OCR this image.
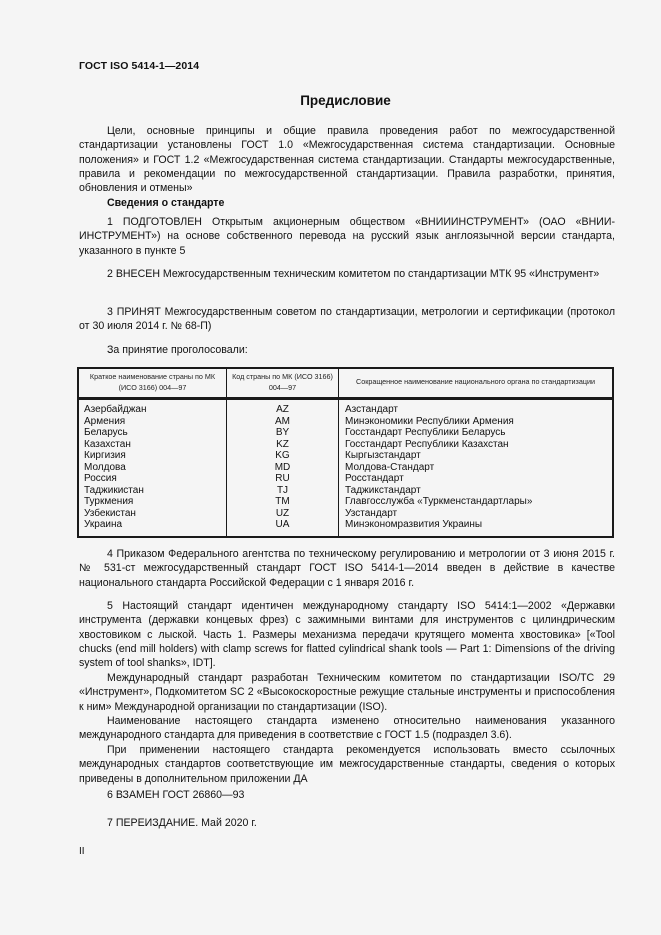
ГОСТ ISO 5414-1—2014
Предисловие
Цели, основные принципы и общие правила проведения работ по межгосударственной стандартизации установлены ГОСТ 1.0 «Межгосударственная система стандартизации. Основные положения» и ГОСТ 1.2 «Межгосударственная система стандартизации. Стандарты межгосударственные, правила и рекомендации по межгосударственной стандартизации. Правила разработки, принятия, обновления и отмены»
Сведения о стандарте
1 ПОДГОТОВЛЕН Открытым акционерным обществом «ВНИИИНСТРУМЕНТ» (ОАО «ВНИИ-ИНСТРУМЕНТ») на основе собственного перевода на русский язык англоязычной версии стандарта, указанного в пункте 5
2 ВНЕСЕН Межгосударственным техническим комитетом по стандартизации МТК 95 «Инструмент»
3 ПРИНЯТ Межгосударственным советом по стандартизации, метрологии и сертификации (протокол от 30 июля 2014 г. № 68-П)
За принятие проголосовали:
Краткое наименование страны по МК (ИСО 3166) 004—97	Код страны по МК (ИСО 3166) 004—97	Сокращенное наименование национального органа по стандартизации
Азербайджан	AZ	Азстандарт
Армения	AM	Минэкономики Республики Армения
Беларусь	BY	Госстандарт Республики Беларусь
Казахстан	KZ	Госстандарт Республики Казахстан
Киргизия	KG	Кыргызстандарт
Молдова	MD	Молдова-Стандарт
Россия	RU	Росстандарт
Таджикистан	TJ	Таджикстандарт
Туркмения	TM	Главгосслужба «Туркменстандартлары»
Узбекистан	UZ	Узстандарт
Украина	UA	Минэкономразвития Украины
4 Приказом Федерального агентства по техническому регулированию и метрологии от 3 июня 2015 г. № 531-ст межгосударственный стандарт ГОСТ ISO 5414-1—2014 введен в действие в качестве национального стандарта Российской Федерации с 1 января 2016 г.
5 Настоящий стандарт идентичен международному стандарту ISO 5414:1—2002 «Державки инструмента (державки концевых фрез) с зажимными винтами для инструментов с цилиндрическим хвостовиком с лыской. Часть 1. Размеры механизма передачи крутящего момента хвостовика» [«Tool chucks (end mill holders) with clamp screws for flatted cylindrical shank tools — Part 1: Dimensions of the driving system of tool shanks», IDT].
Международный стандарт разработан Техническим комитетом по стандартизации ISO/TC 29 «Инструмент», Подкомитетом SC 2 «Высокоскоростные режущие стальные инструменты и приспособления к ним» Международной организации по стандартизации (ISO).
Наименование настоящего стандарта изменено относительно наименования указанного международного стандарта для приведения в соответствие с ГОСТ 1.5 (подраздел 3.6).
При применении настоящего стандарта рекомендуется использовать вместо ссылочных международных стандартов соответствующие им межгосударственные стандарты, сведения о которых приведены в дополнительном приложении ДА
6 ВЗАМЕН ГОСТ 26860—93
7 ПЕРЕИЗДАНИЕ. Май 2020 г.
II
